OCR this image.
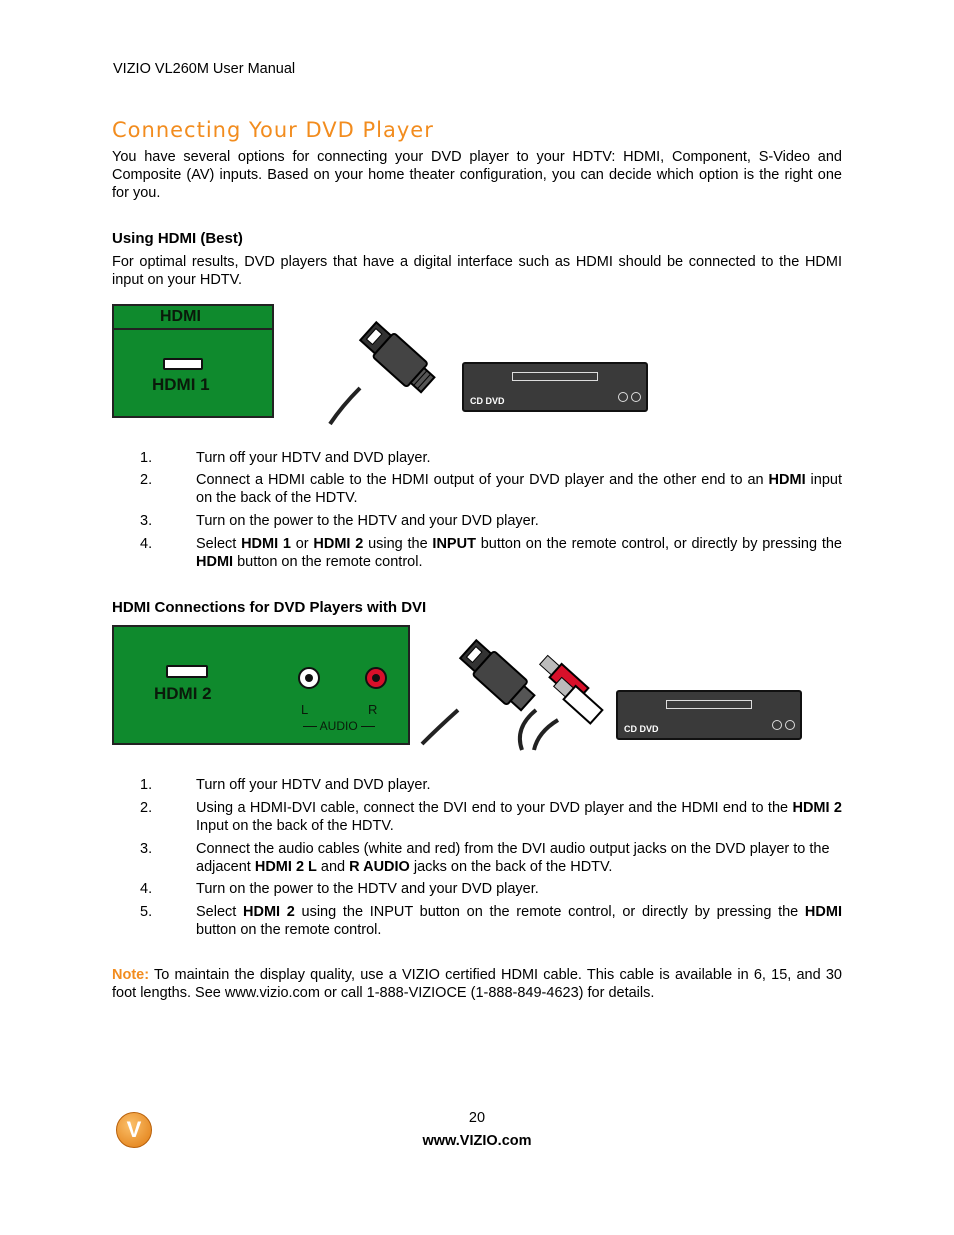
VIZIO VL260M User Manual
Connecting Your DVD Player
You have several options for connecting your DVD player to your HDTV: HDMI, Component, S-Video and Composite (AV) inputs. Based on your home theater configuration, you can decide which option is the right one for you.
Using HDMI (Best)
For optimal results, DVD players that have a digital interface such as HDMI should be connected to the HDMI input on your HDTV.
HDMI
HDMI 1
CD DVD
1.	Turn off your HDTV and DVD player.
2.	Connect a HDMI cable to the HDMI output of your DVD player and the other end to an HDMI input on the back of the HDTV.
3.	Turn on the power to the HDTV and your DVD player.
4.	Select HDMI 1 or HDMI 2 using the INPUT button on the remote control, or directly by pressing the HDMI button on the remote control.
HDMI Connections for DVD Players with DVI
HDMI 2
L	R
AUDIO	CD DVD
1.	Turn off your HDTV and DVD player.
2.	Using a HDMI-DVI cable, connect the DVI end to your DVD player and the HDMI end to the HDMI 2 Input on the back of the HDTV.
3.	Connect the audio cables (white and red) from the DVI audio output jacks on the DVD player to the adjacent HDMI 2 L and R AUDIO jacks on the back of the HDTV.
4.	Turn on the power to the HDTV and your DVD player.
5.	Select HDMI 2 using the INPUT button on the remote control, or directly by pressing the HDMI button on the remote control.
Note: To maintain the display quality, use a VIZIO certified HDMI cable. This cable is available in 6, 15, and 30 foot lengths. See www.vizio.com or call 1-888-VIZIOCE (1-888-849-4623) for details.
V	20
www.VIZIO.com
